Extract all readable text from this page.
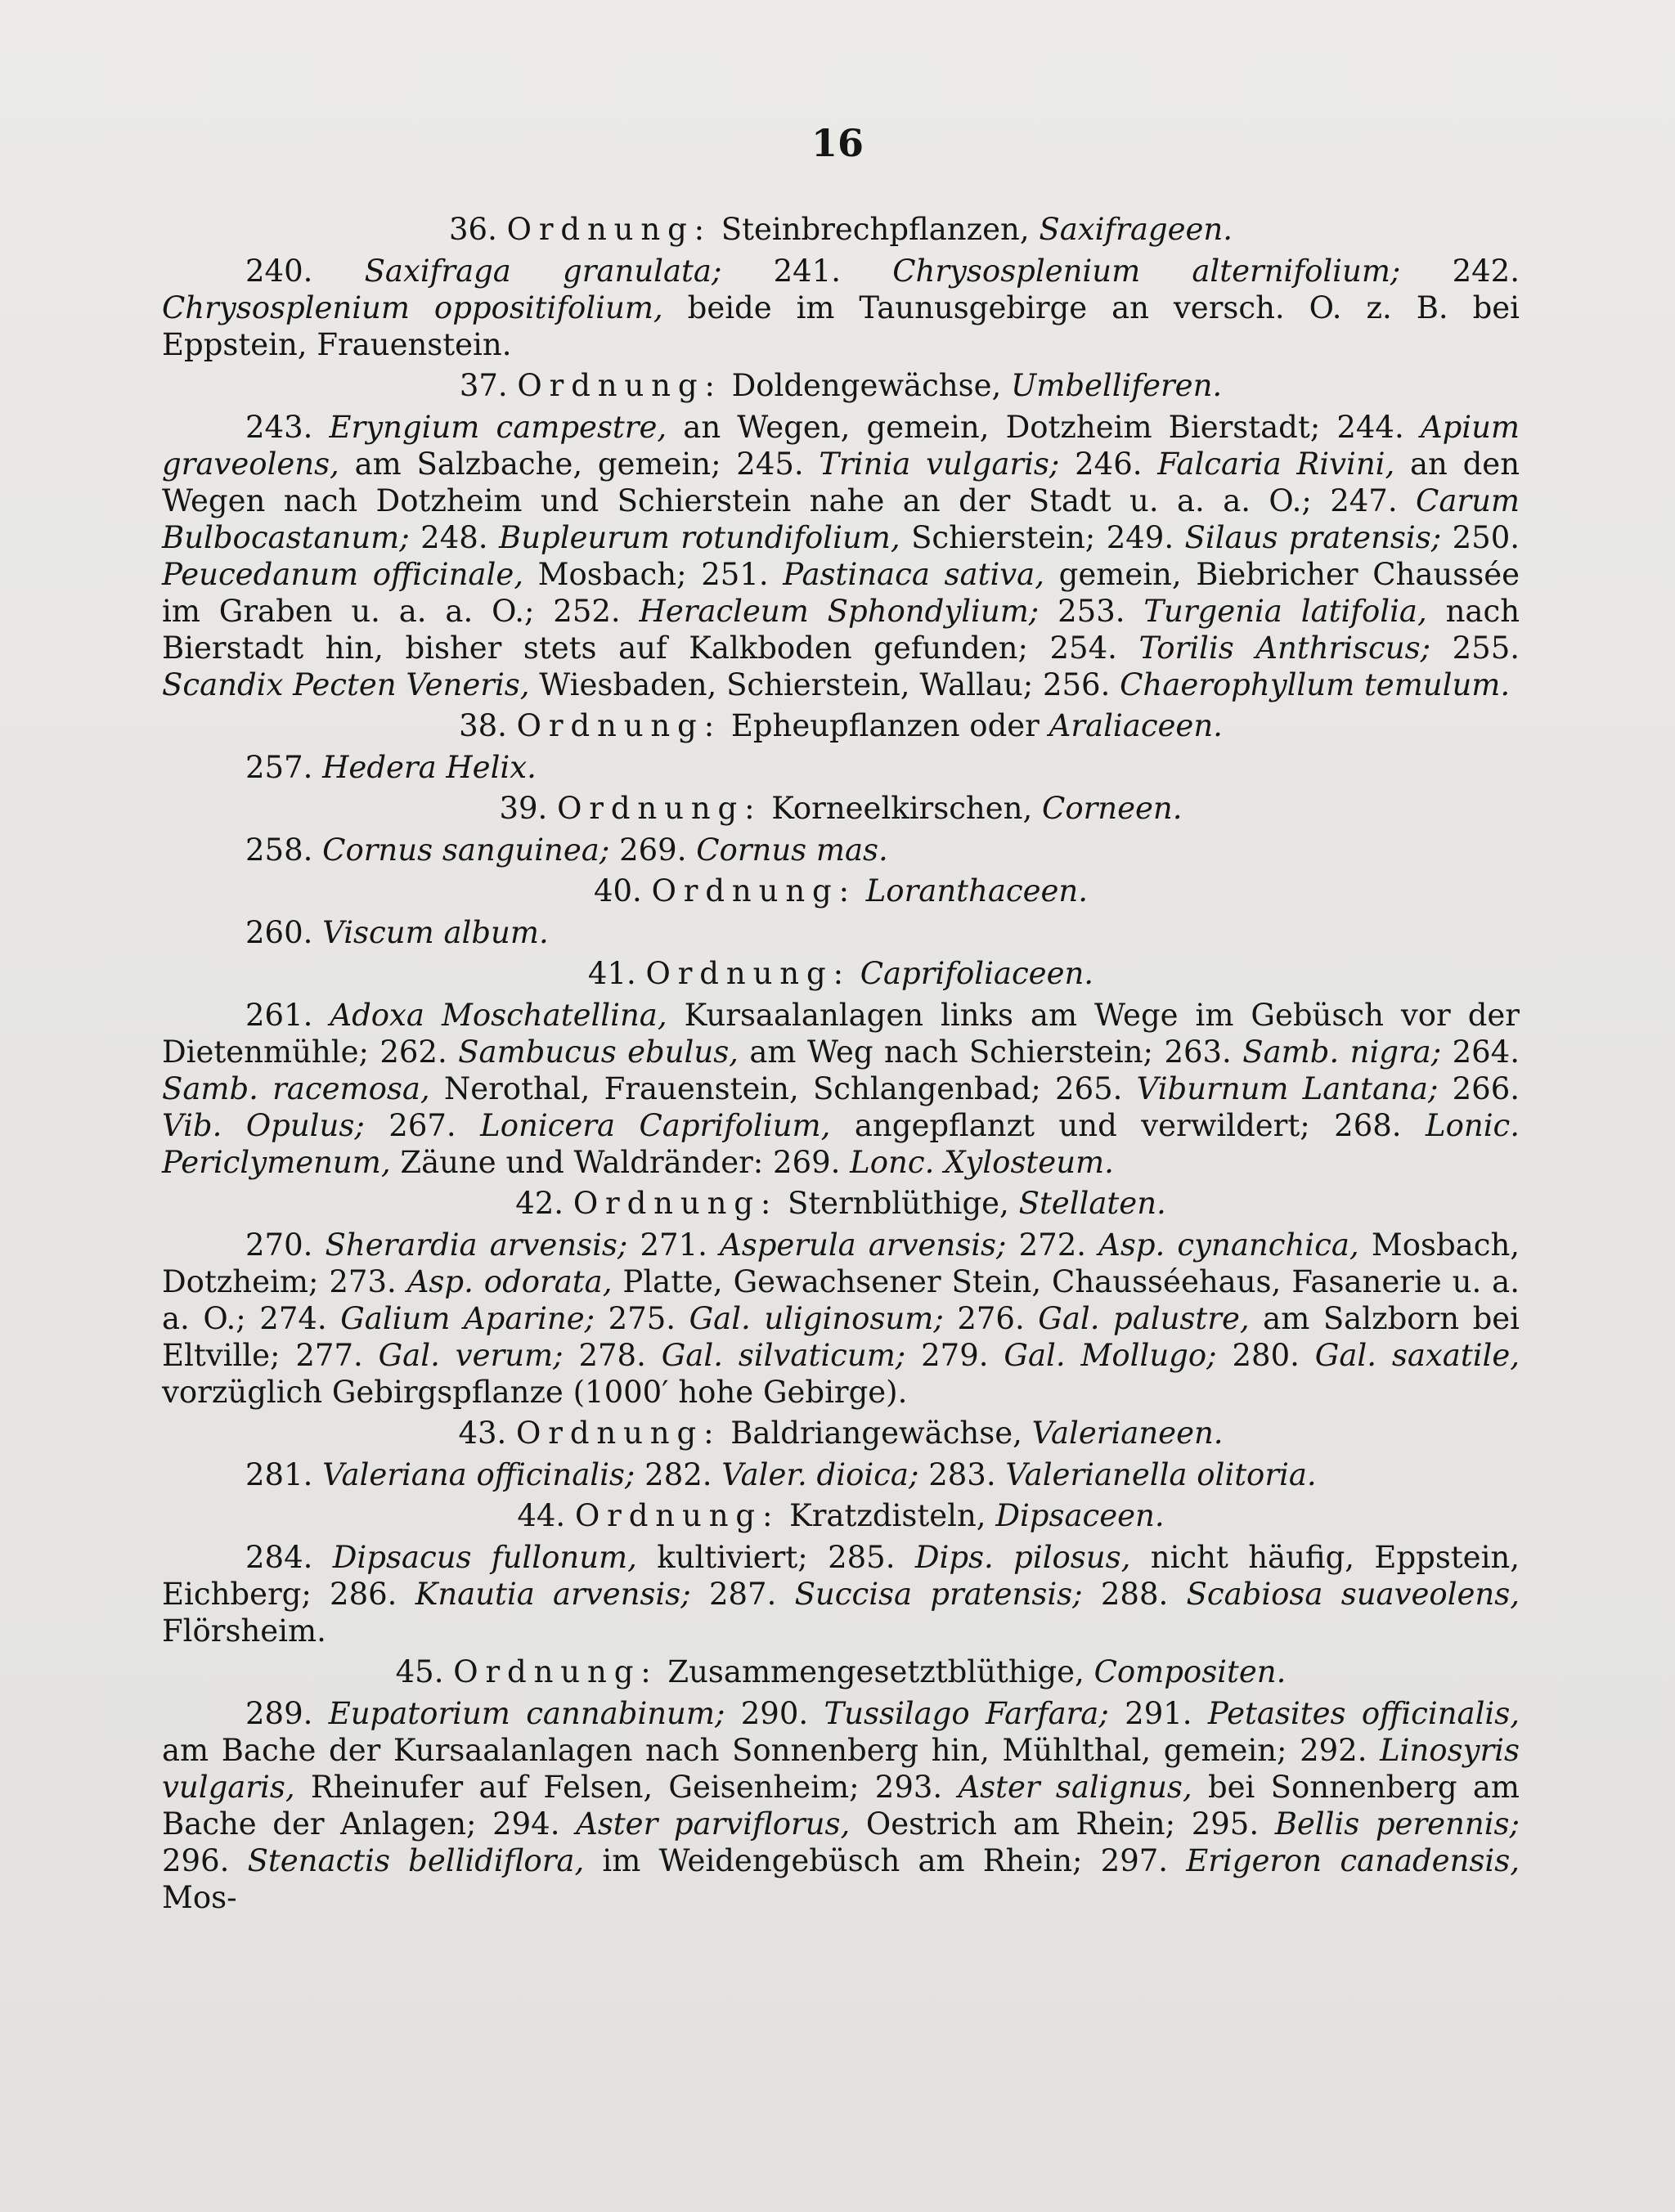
16

36. Ordnung: Steinbrechpflanzen, Saxifrageen.

240. Saxifraga granulata; 241. Chrysosplenium alternifolium; 242. Chrysosplenium oppositifolium, beide im Taunusgebirge an versch. O. z. B. bei Eppstein, Frauenstein.

37. Ordnung: Doldengewächse, Umbelliferen.

243. Eryngium campestre, an Wegen, gemein, Dotzheim Bierstadt; 244. Apium graveolens, am Salzbache, gemein; 245. Trinia vulgaris; 246. Falcaria Rivini, an den Wegen nach Dotzheim und Schierstein nahe an der Stadt u. a. a. O.; 247. Carum Bulbocastanum; 248. Bupleurum rotundifolium, Schierstein; 249. Silaus pratensis; 250. Peucedanum officinale, Mosbach; 251. Pastinaca sativa, gemein, Biebricher Chaussée im Graben u. a. a. O.; 252. Heracleum Sphondylium; 253. Turgenia latifolia, nach Bierstadt hin, bisher stets auf Kalkboden gefunden; 254. Torilis Anthriscus; 255. Scandix Pecten Veneris, Wiesbaden, Schierstein, Wallau; 256. Chaerophyllum temulum.

38. Ordnung: Epheupflanzen oder Araliaceen.

257. Hedera Helix.

39. Ordnung: Korneelkirschen, Corneen.

258. Cornus sanguinea; 269. Cornus mas.

40. Ordnung: Loranthaceen.

260. Viscum album.

41. Ordnung: Caprifoliaceen.

261. Adoxa Moschatellina, Kursaalanlagen links am Wege im Gebüsch vor der Dietenmühle; 262. Sambucus ebulus, am Weg nach Schierstein; 263. Samb. nigra; 264. Samb. racemosa, Nerothal, Frauenstein, Schlangenbad; 265. Viburnum Lantana; 266. Vib. Opulus; 267. Lonicera Caprifolium, angepflanzt und verwildert; 268. Lonic. Periclymenum, Zäune und Waldränder: 269. Lonc. Xylosteum.

42. Ordnung: Sternblüthige, Stellaten.

270. Sherardia arvensis; 271. Asperula arvensis; 272. Asp. cynanchica, Mosbach, Dotzheim; 273. Asp. odorata, Platte, Gewachsener Stein, Chausséehaus, Fasanerie u. a. a. O.; 274. Galium Aparine; 275. Gal. uliginosum; 276. Gal. palustre, am Salzborn bei Eltville; 277. Gal. verum; 278. Gal. silvaticum; 279. Gal. Mollugo; 280. Gal. saxatile, vorzüglich Gebirgspflanze (1000′ hohe Gebirge).

43. Ordnung: Baldriangewächse, Valerianeen.

281. Valeriana officinalis; 282. Valer. dioica; 283. Valerianella olitoria.

44. Ordnung: Kratzdisteln, Dipsaceen.

284. Dipsacus fullonum, kultiviert; 285. Dips. pilosus, nicht häufig, Eppstein, Eichberg; 286. Knautia arvensis; 287. Succisa pratensis; 288. Scabiosa suaveolens, Flörsheim.

45. Ordnung: Zusammengesetztblüthige, Compositen.

289. Eupatorium cannabinum; 290. Tussilago Farfara; 291. Petasites officinalis, am Bache der Kursaalanlagen nach Sonnenberg hin, Mühlthal, gemein; 292. Linosyris vulgaris, Rheinufer auf Felsen, Geisenheim; 293. Aster salignus, bei Sonnenberg am Bache der Anlagen; 294. Aster parviflorus, Oestrich am Rhein; 295. Bellis perennis; 296. Stenactis bellidiflora, im Weidengebüsch am Rhein; 297. Erigeron canadensis, Mos-
